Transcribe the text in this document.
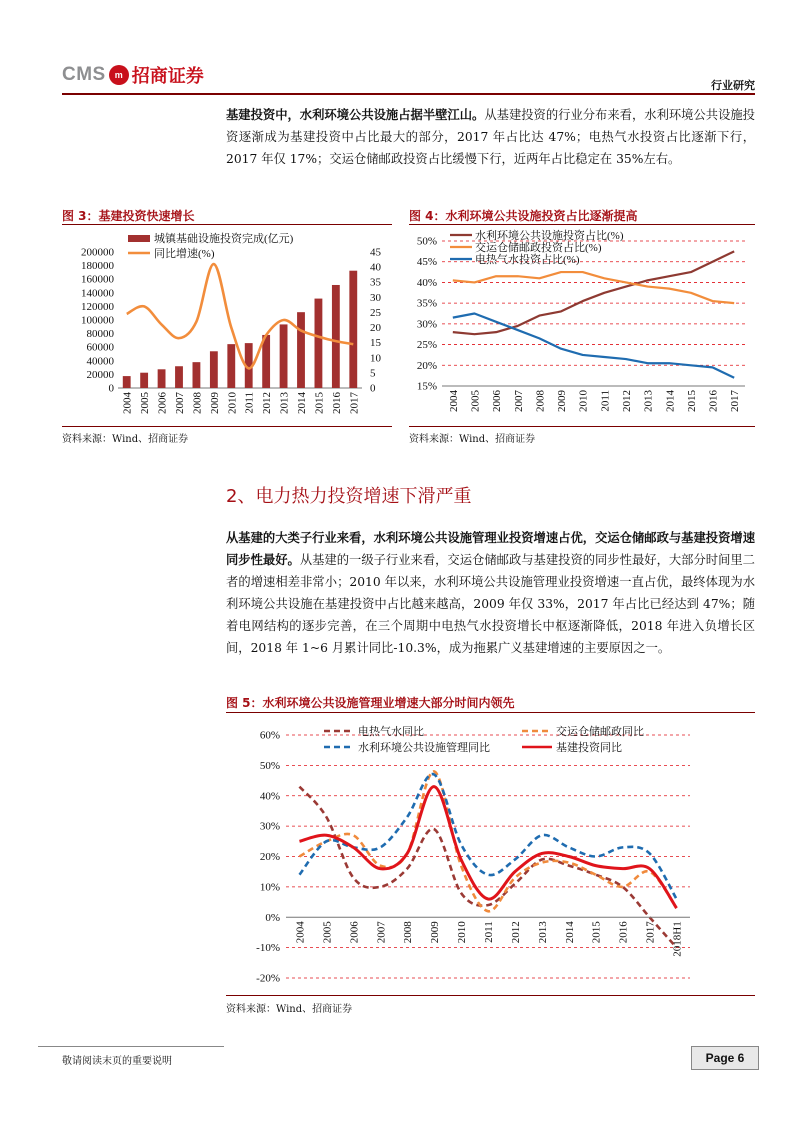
CMS m 招商证券	行业研究
基建投资中，水利环境公共设施占据半壁江山。从基建投资的行业分布来看，水利环境公共设施投资逐渐成为基建投资中占比最大的部分，2017 年占比达 47%；电热气水投资占比逐渐下行，2017 年仅 17%；交运仓储邮政投资占比缓慢下行，近两年占比稳定在 35%左右。
图 3：基建投资快速增长
城镇基础设施投资完成(亿元)
同比增速(%)
0
20000
40000
60000
80000
100000
120000
140000
160000
180000
200000
0
5
10
15
20
25
30
35
40
45
2004 2005 2006 2007 2008 2009 2010 2011 2012 2013 2014 2015 2016 2017
资料来源：Wind、招商证券
图 4：水利环境公共设施投资占比逐渐提高
15%
20%
25%
30%
35%
40%
45%
50%	水利环境公共设施投资占比(%)
交运仓储邮政投资占比(%)
电热气水投资占比(%)
2004 2005 2006 2007 2008 2009 2010 2011 2012 2013 2014 2015 2016 2017
资料来源：Wind、招商证券
2、电力热力投资增速下滑严重
从基建的大类子行业来看，水利环境公共设施管理业投资增速占优，交运仓储邮政与基建投资增速同步性最好。从基建的一级子行业来看，交运仓储邮政与基建投资的同步性最好，大部分时间里二者的增速相差非常小；2010 年以来，水利环境公共设施管理业投资增速一直占优，最终体现为水利环境公共设施在基建投资中占比越来越高，2009 年仅 33%，2017 年占比已经达到 47%；随着电网结构的逐步完善，在三个周期中电热气水投资增长中枢逐渐降低，2018 年进入负增长区间，2018 年 1~6 月累计同比-10.3%，成为拖累广义基建增速的主要原因之一。
图 5：水利环境公共设施管理业增速大部分时间内领先
-20%
-10%
0%
10%
20%
30%
40%
50%
60%	电热气水同比	交运仓储邮政同比
水利环境公共设施管理同比	基建投资同比
2004 2005 2006 2007 2008 2009 2010 2011 2012 2013 2014 2015 2016 2017 2018H1
资料来源：Wind、招商证券
敬请阅读末页的重要说明	Page 6
